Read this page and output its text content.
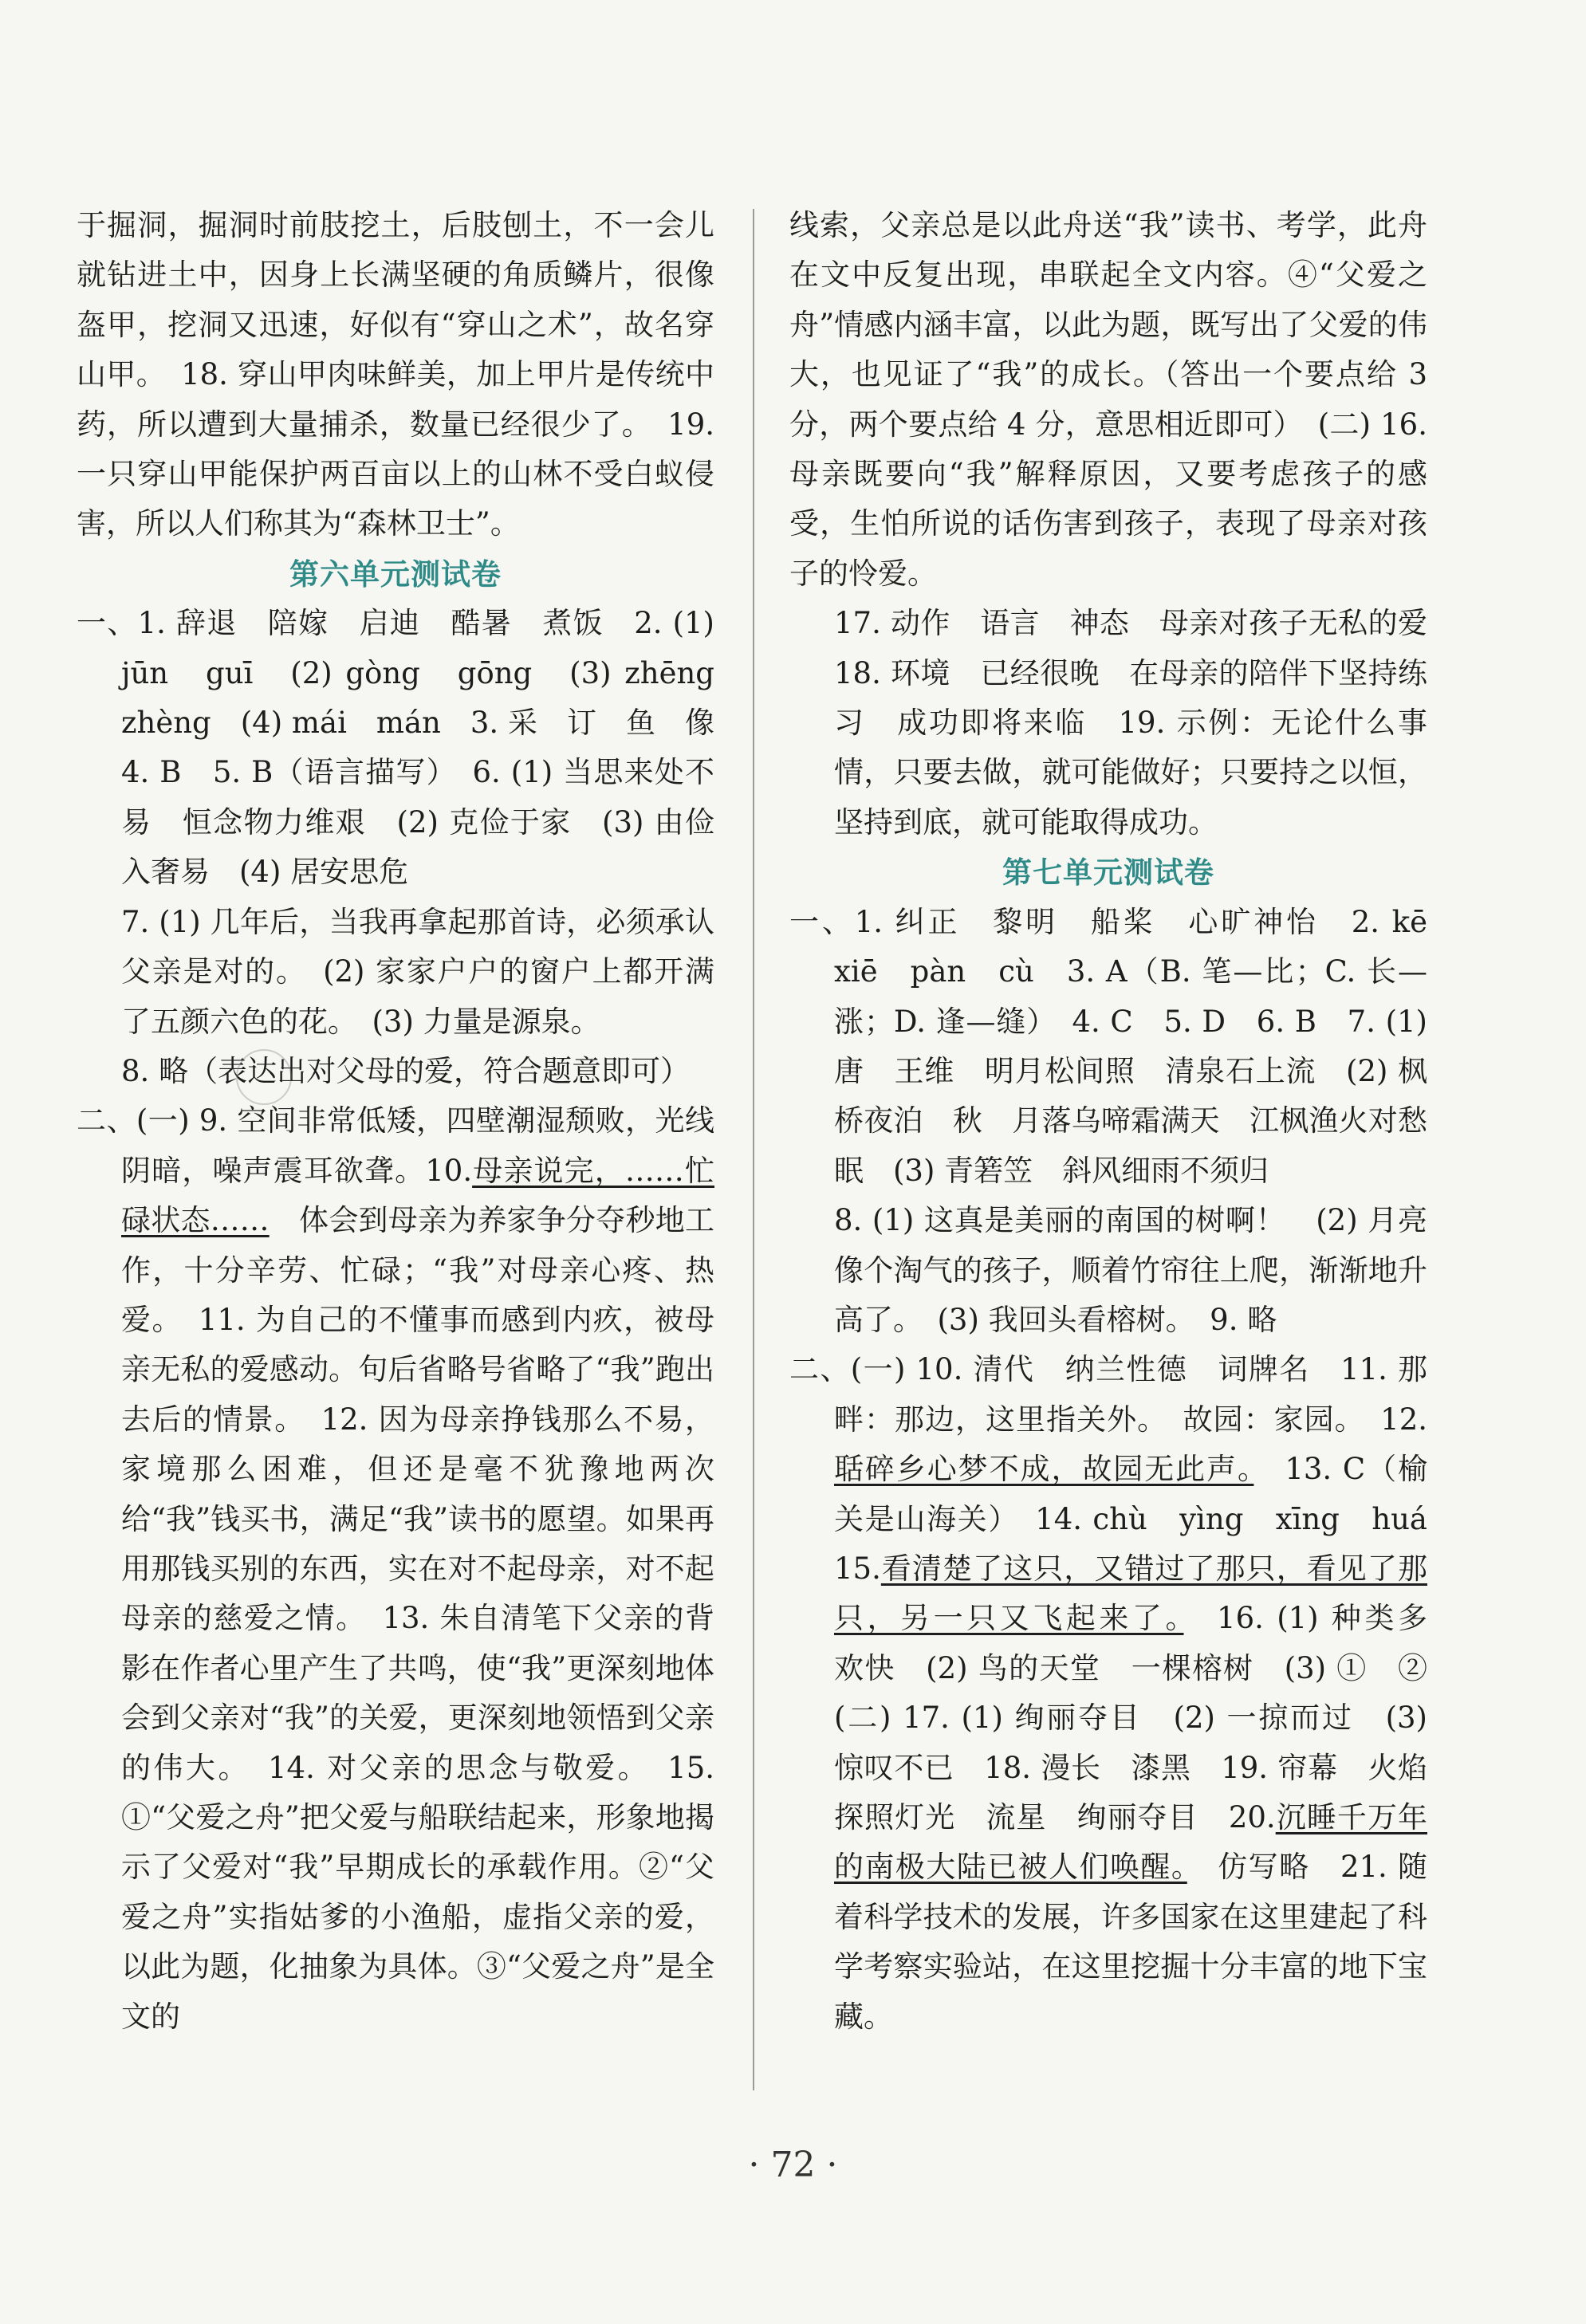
于掘洞，掘洞时前肢挖土，后肢刨土，不一会儿就钻进土中，因身上长满坚硬的角质鳞片，很像盔甲，挖洞又迅速，好似有“穿山之术”，故名穿山甲。　18. 穿山甲肉味鲜美，加上甲片是传统中药，所以遭到大量捕杀，数量已经很少了。　19. 一只穿山甲能保护两百亩以上的山林不受白蚁侵害，所以人们称其为“森林卫士”。

第六单元测试卷

一、1. 辞退　陪嫁　启迪　酷暑　煮饭　2. (1) jūn　guī　(2) gòng　gōng　(3) zhēng　zhèng　(4) mái　mán　3. 采　订　鱼　像　4. B　5. B（语言描写）　6. (1) 当思来处不易　恒念物力维艰　(2) 克俭于家　(3) 由俭入奢易　(4) 居安思危

7. (1) 几年后，当我再拿起那首诗，必须承认父亲是对的。　(2) 家家户户的窗户上都开满了五颜六色的花。　(3) 力量是源泉。

8. 略（表达出对父母的爱，符合题意即可）

二、(一) 9. 空间非常低矮，四壁潮湿颓败，光线阴暗，噪声震耳欲聋。10.母亲说完，……忙碌状态……　体会到母亲为养家争分夺秒地工作，十分辛劳、忙碌；“我”对母亲心疼、热爱。　11. 为自己的不懂事而感到内疚，被母亲无私的爱感动。句后省略号省略了“我”跑出去后的情景。　12. 因为母亲挣钱那么不易，家境那么困难，但还是毫不犹豫地两次给“我”钱买书，满足“我”读书的愿望。如果再用那钱买别的东西，实在对不起母亲，对不起母亲的慈爱之情。　13. 朱自清笔下父亲的背影在作者心里产生了共鸣，使“我”更深刻地体会到父亲对“我”的关爱，更深刻地领悟到父亲的伟大。　14. 对父亲的思念与敬爱。　15. ①“父爱之舟”把父爱与船联结起来，形象地揭示了父爱对“我”早期成长的承载作用。②“父爱之舟”实指姑爹的小渔船，虚指父亲的爱，以此为题，化抽象为具体。③“父爱之舟”是全文的

线索，父亲总是以此舟送“我”读书、考学，此舟在文中反复出现，串联起全文内容。④“父爱之舟”情感内涵丰富，以此为题，既写出了父爱的伟大，也见证了“我”的成长。（答出一个要点给 3 分，两个要点给 4 分，意思相近即可）　(二) 16. 母亲既要向“我”解释原因，又要考虑孩子的感受，生怕所说的话伤害到孩子，表现了母亲对孩子的怜爱。

17. 动作　语言　神态　母亲对孩子无私的爱　18. 环境　已经很晚　在母亲的陪伴下坚持练习　成功即将来临　19. 示例：无论什么事情，只要去做，就可能做好；只要持之以恒，坚持到底，就可能取得成功。

第七单元测试卷

一、1. 纠正　黎明　船桨　心旷神怡　2. kē　xiē　pàn　cù　3. A（B. 笔—比；C. 长—涨；D. 逢—缝）　4. C　5. D　6. B　7. (1) 唐　王维　明月松间照　清泉石上流　(2) 枫桥夜泊　秋　月落乌啼霜满天　江枫渔火对愁眠　(3) 青箬笠　斜风细雨不须归

8. (1) 这真是美丽的南国的树啊！　(2) 月亮像个淘气的孩子，顺着竹帘往上爬，渐渐地升高了。　(3) 我回头看榕树。　9. 略

二、(一) 10. 清代　纳兰性德　词牌名　11. 那畔：那边，这里指关外。　故园：家园。　12.聒碎乡心梦不成，故园无此声。　13. C（榆关是山海关）　14. chù　yìng　xīng　huá　15.看清楚了这只，又错过了那只，看见了那只，另一只又飞起来了。　16. (1) 种类多　欢快　(2) 鸟的天堂　一棵榕树　(3) ①　②　(二) 17. (1) 绚丽夺目　(2) 一掠而过　(3) 惊叹不已　18. 漫长　漆黑　19. 帘幕　火焰　探照灯光　流星　绚丽夺目　20.沉睡千万年的南极大陆已被人们唤醒。　仿写略　21. 随着科学技术的发展，许多国家在这里建起了科学考察实验站，在这里挖掘十分丰富的地下宝藏。

· 72 ·
